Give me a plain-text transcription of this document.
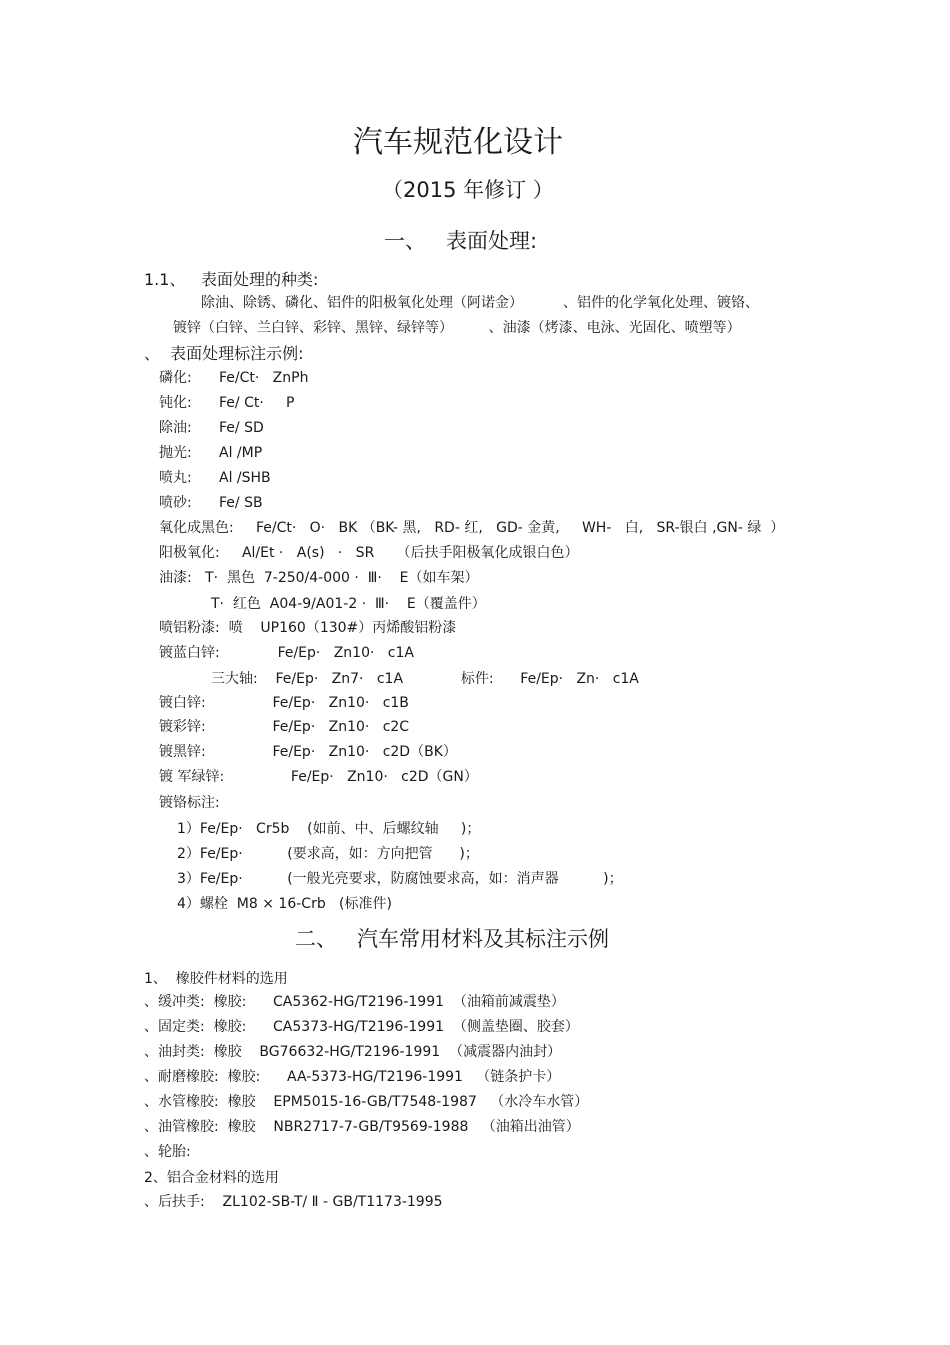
汽车规范化设计
（2015 年修订 ）
一、   表面处理:
1.1、 表面处理的种类:
除油、除锈、磷化、铝件的阳极氧化处理（阿诺金）         、铝件的化学氧化处理、镀铬、
镀锌（白锌、兰白锌、彩锌、黑锌、绿锌等）        、油漆（烤漆、电泳、光固化、喷塑等）
、  表面处理标注示例:
磷化: Fe/Ct·   ZnPh
钝化: Fe/ Ct·     P
除油: Fe/ SD
抛光: Al /MP
喷丸: Al /SHB
喷砂: Fe/ SB
氧化成黑色:     Fe/Ct·   O·   BK （BK- 黑,   RD- 红,   GD- 金黄,     WH-   白,   SR-银白 ,GN- 绿  ）
阳极氧化:     Al/Et ·   A(s)   ·   SR     （后扶手阳极氧化成银白色）
油漆:   T·  黑色  7-250/4-000 ·  Ⅲ·    E（如车架）
T·  红色  A04-9/A01-2 ·  Ⅲ·    E（覆盖件）
喷铝粉漆:  喷    UP160（130#）丙烯酸铝粉漆
镀蓝白锌:             Fe/Ep·   Zn10·   c1A
三大轴:    Fe/Ep·   Zn7·   c1A             标件:      Fe/Ep·   Zn·   c1A
镀白锌:               Fe/Ep·   Zn10·   c1B
镀彩锌:               Fe/Ep·   Zn10·   c2C
镀黑锌:               Fe/Ep·   Zn10·   c2D（BK）
镀 军绿锌:               Fe/Ep·   Zn10·   c2D（GN）
镀铬标注:
1）Fe/Ep·   Cr5b    (如前、中、后螺纹轴     )；
2）Fe/Ep·          (要求高，如：方向把管      )；
3）Fe/Ep·          (一般光亮要求，防腐蚀要求高，如：消声器          )；
4）螺栓  M8 × 16-Crb   (标准件)
二、   汽车常用材料及其标注示例
1、  橡胶件材料的选用
、缓冲类:  橡胶:      CA5362-HG/T2196-1991  （油箱前减震垫）
、固定类:  橡胶:      CA5373-HG/T2196-1991  （侧盖垫圈、胶套）
、油封类:  橡胶    BG76632-HG/T2196-1991  （减震器内油封）
、耐磨橡胶:  橡胶:      AA-5373-HG/T2196-1991   （链条护卡）
、水管橡胶:  橡胶    EPM5015-16-GB/T7548-1987   （水冷车水管）
、油管橡胶:  橡胶    NBR2717-7-GB/T9569-1988   （油箱出油管）
、轮胎:
2、铝合金材料的选用
、后扶手:    ZL102-SB-T/ Ⅱ - GB/T1173-1995
